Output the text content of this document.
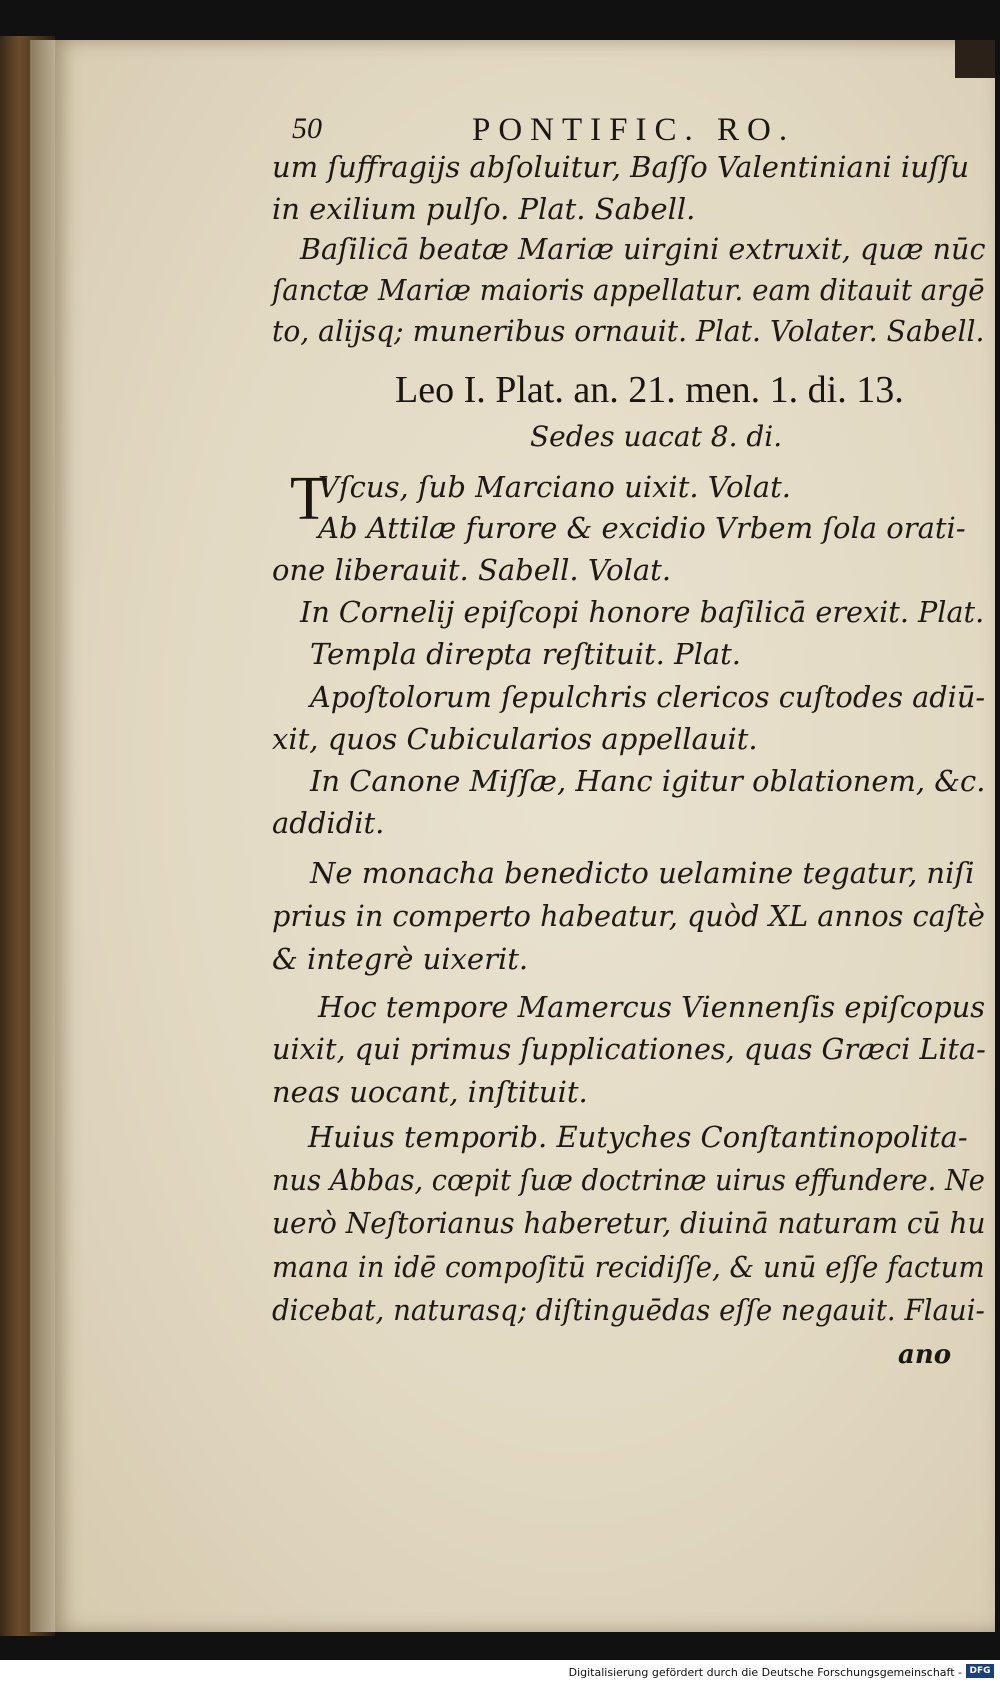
50	PONTIFIC. RO.
um ſuffragijs abſoluitur, Baſſo Valentiniani iuſſu
in exilium pulſo. Plat. Sabell.
Baſilicā beatæ Mariæ uirgini extruxit, quæ nūc
ſanctæ Mariæ maioris appellatur. eam ditauit argē
to, alijsq; muneribus ornauit. Plat. Volater. Sabell.
Leo I. Plat. an. 21. men. 1. di. 13.
Sedes uacat 8. di.
T
Vſcus, ſub Marciano uixit. Volat.
Ab Attilæ furore & excidio Vrbem ſola orati-
one liberauit. Sabell. Volat.
In Cornelij epiſcopi honore baſilicā erexit. Plat.
Templa direpta reſtituit. Plat.
Apoſtolorum ſepulchris clericos cuſtodes adiū-
xit, quos Cubicularios appellauit.
In Canone Miſſæ, Hanc igitur oblationem, &c.
addidit.
Ne monacha benedicto uelamine tegatur, niſi
prius in comperto habeatur, quòd XL annos caſtè
& integrè uixerit.
Hoc tempore Mamercus Viennenſis epiſcopus
uixit, qui primus ſupplicationes, quas Græci Lita-
neas uocant, inſtituit.
Huius temporib. Eutyches Conſtantinopolita-
nus Abbas, cœpit ſuæ doctrinæ uirus effundere. Ne
uerò Neſtorianus haberetur, diuinā naturam cū hu
mana in idē compoſitū recidiſſe, & unū eſſe factum
dicebat, naturasq; diſtinguēdas eſſe negauit. Flaui-
ano
Digitalisierung gefördert durch die Deutsche Forschungsgemeinschaft - DFG
